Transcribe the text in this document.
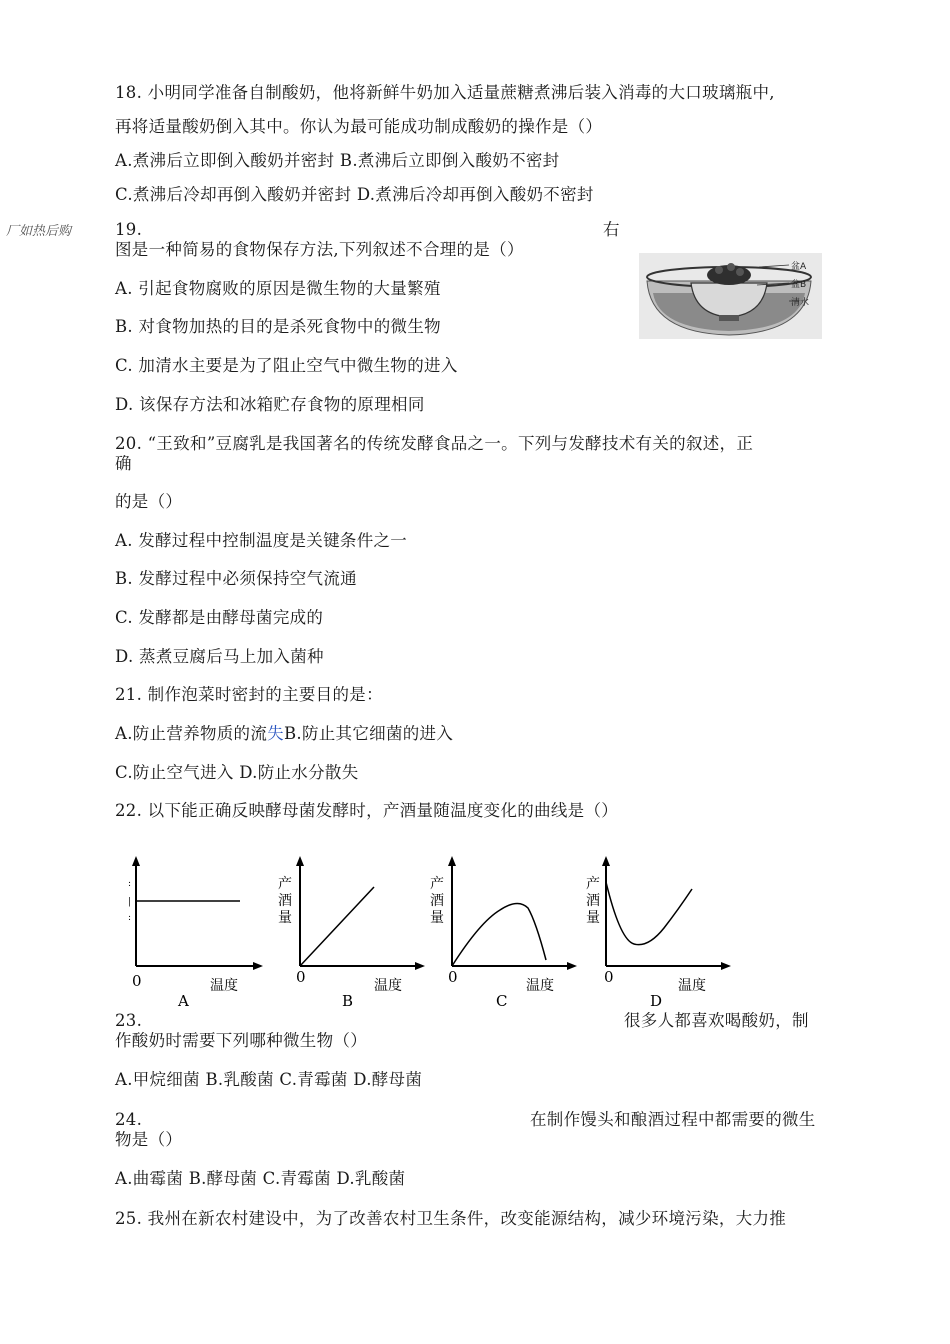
厂如热后购
18. 小明同学准备自制酸奶，他将新鲜牛奶加入适量蔗糖煮沸后装入消毒的大口玻璃瓶中,
再将适量酸奶倒入其中。你认为最可能成功制成酸奶的操作是（）
A.煮沸后立即倒入酸奶并密封 B.煮沸后立即倒入酸奶不密封
C.煮沸后冷却再倒入酸奶并密封 D.煮沸后冷却再倒入酸奶不密封
19.	右
图是一种简易的食物保存方法,下列叙述不合理的是（）
A. 引起食物腐败的原因是微生物的大量繁殖
B. 对食物加热的目的是杀死食物中的微生物
C. 加清水主要是为了阻止空气中微生物的进入
D. 该保存方法和冰箱贮存食物的原理相同
盆A
盆B
清水
20. “王致和”豆腐乳是我国著名的传统发酵食品之一。下列与发酵技术有关的叙述，正
确
的是（）
A. 发酵过程中控制温度是关键条件之一
B. 发酵过程中必须保持空气流通
C. 发酵都是由酵母菌完成的
D. 蒸煮豆腐后马上加入菌种
21. 制作泡菜时密封的主要目的是：
A.防止营养物质的流失B.防止其它细菌的进入
C.防止空气进入 D.防止水分散失
22. 以下能正确反映酵母菌发酵时，产酒量随温度变化的曲线是（）
:
|
:
0	温度
A
产
酒
量
0	温度
B
产
酒
量
0	温度
C
产
酒
量
0	温度
D
23.	很多人都喜欢喝酸奶，制
作酸奶时需要下列哪种微生物（）
A.甲烷细菌 B.乳酸菌 C.青霉菌 D.酵母菌
24.	在制作馒头和酿酒过程中都需要的微生
物是（）
A.曲霉菌 B.酵母菌 C.青霉菌 D.乳酸菌
25. 我州在新农村建设中，为了改善农村卫生条件，改变能源结构，减少环境污染，大力推
